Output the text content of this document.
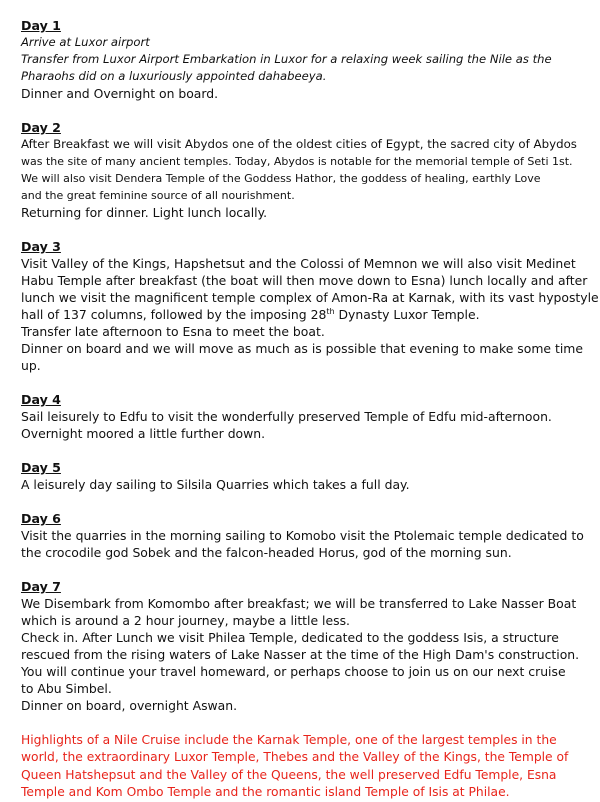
Day 1
Arrive at Luxor airport
Transfer from Luxor Airport Embarkation in Luxor for a relaxing week sailing the Nile as the
Pharaohs did on a luxuriously appointed dahabeeya.
Dinner and Overnight on board.
Day 2
After Breakfast we will visit Abydos one of the oldest cities of Egypt, the sacred city of Abydos
was the site of many ancient temples. Today, Abydos is notable for the memorial temple of Seti 1st.
We will also visit Dendera Temple of the Goddess Hathor, the goddess of healing, earthly Love
and the great feminine source of all nourishment.
Returning for dinner. Light lunch locally.
Day 3
Visit Valley of the Kings, Hapshetsut and the Colossi of Memnon we will also visit Medinet
Habu Temple after breakfast (the boat will then move down to Esna) lunch locally and after
lunch we visit the magnificent temple complex of Amon-Ra at Karnak, with its vast hypostyle
hall of 137 columns, followed by the imposing 28th Dynasty Luxor Temple.
Transfer late afternoon to Esna to meet the boat.
Dinner on board and we will move as much as is possible that evening to make some time
up.
Day 4
Sail leisurely to Edfu to visit the wonderfully preserved Temple of Edfu mid-afternoon.
Overnight moored a little further down.
Day 5
A leisurely day sailing to Silsila Quarries which takes a full day.
Day 6
Visit the quarries in the morning sailing to Komobo visit the Ptolemaic temple dedicated to
the crocodile god Sobek and the falcon-headed Horus, god of the morning sun.
Day 7
We Disembark from Komombo after breakfast; we will be transferred to Lake Nasser Boat
which is around a 2 hour journey, maybe a little less.
Check in. After Lunch we visit Philea Temple, dedicated to the goddess Isis, a structure
rescued from the rising waters of Lake Nasser at the time of the High Dam's construction.
You will continue your travel homeward, or perhaps choose to join us on our next cruise
to Abu Simbel.
Dinner on board, overnight Aswan.
Highlights of a Nile Cruise include the Karnak Temple, one of the largest temples in the
world, the extraordinary Luxor Temple, Thebes and the Valley of the Kings, the Temple of
Queen Hatshepsut and the Valley of the Queens, the well preserved Edfu Temple, Esna
Temple and Kom Ombo Temple and the romantic island Temple of Isis at Philae.
